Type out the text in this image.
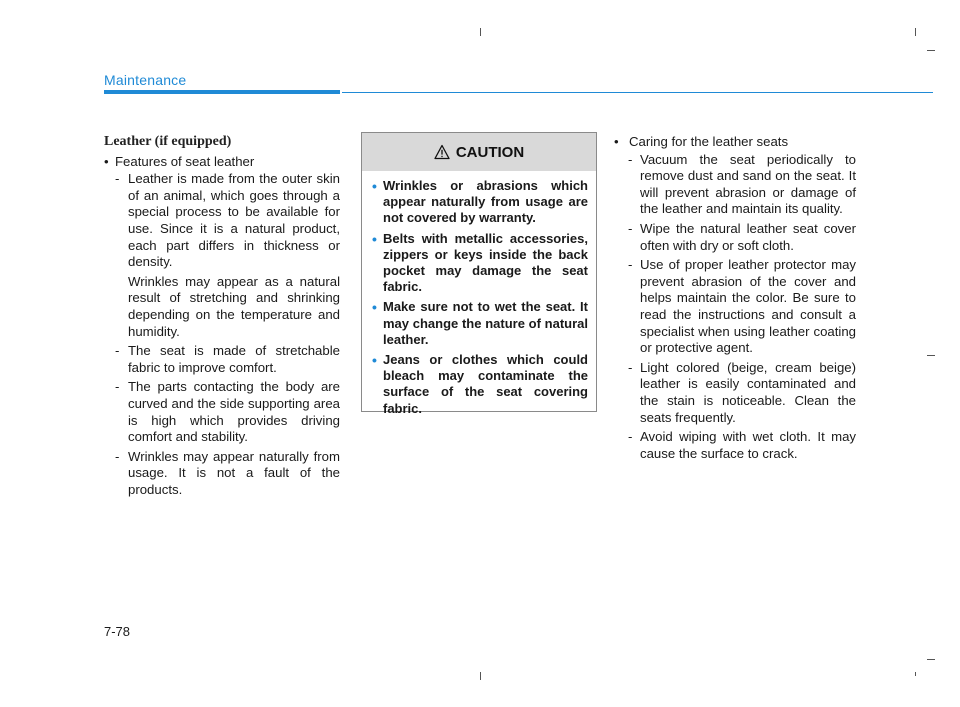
Maintenance
Leather (if equipped)
• Features of seat leather
- Leather is made from the outer skin of an animal, which goes through a special process to be available for use. Since it is a natural product, each part differs in thickness or density.
Wrinkles may appear as a natural result of stretching and shrinking depending on the temperature and humidity.
- The seat is made of stretchable fabric to improve comfort.
- The parts contacting the body are curved and the side supporting area is high which provides driving comfort and stability.
- Wrinkles may appear naturally from usage. It is not a fault of the products.
CAUTION
• Wrinkles or abrasions which appear naturally from usage are not covered by warranty.
• Belts with metallic accessories, zippers or keys inside the back pocket may damage the seat fabric.
• Make sure not to wet the seat. It may change the nature of natural leather.
• Jeans or clothes which could bleach may contaminate the surface of the seat covering fabric.
• Caring for the leather seats
- Vacuum the seat periodically to remove dust and sand on the seat. It will prevent abrasion or damage of the leather and maintain its quality.
- Wipe the natural leather seat cover often with dry or soft cloth.
- Use of proper leather protector may prevent abrasion of the cover and helps maintain the color. Be sure to read the instructions and consult a specialist when using leather coating or protective agent.
- Light colored (beige, cream beige) leather is easily contaminated and the stain is noticeable. Clean the seats frequently.
- Avoid wiping with wet cloth. It may cause the surface to crack.
7-78
